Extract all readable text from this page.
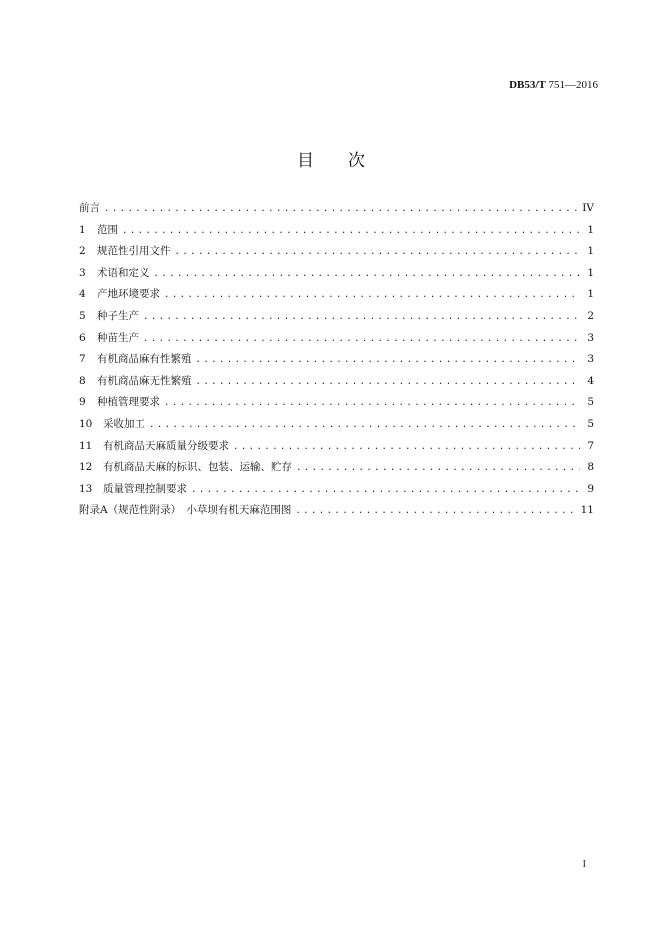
DB53/T 751—2016
目次
前言 .....	IV
1	范围 .....	1
2	规范性引用文件 .....	1
3	术语和定义 .....	1
4	产地环境要求 .....	1
5	种子生产 .....	2
6	种苗生产 .....	3
7	有机商品麻有性繁殖 .....	3
8	有机商品麻无性繁殖 .....	4
9	种植管理要求 .....	5
10	采收加工 .....	5
11	有机商品天麻质量分级要求 .....	7
12	有机商品天麻的标识、包装、运输、贮存 .....	8
13	质量管理控制要求 .....	9
附录A（规范性附录）　小草坝有机天麻范围图 .....	11
I
